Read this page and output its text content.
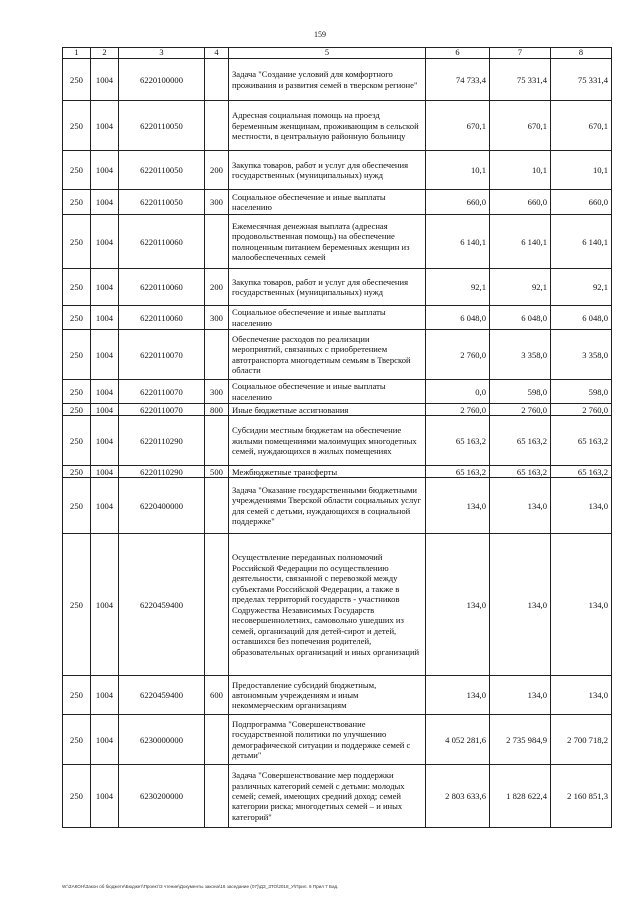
159
1	2	3	4	5	6	7	8
250	1004	6220100000		Задача "Создание условий для комфортного проживания и развития семей в тверском регионе"	74 733,4	75 331,4	75 331,4
250	1004	6220110050		Адресная социальная помощь на проезд беременным женщинам, проживающим в сельской местности, в центральную районную больницу	670,1	670,1	670,1
250	1004	6220110050	200	Закупка товаров, работ и услуг для обеспечения государственных (муниципальных) нужд	10,1	10,1	10,1
250	1004	6220110050	300	Социальное обеспечение и иные выплаты населению	660,0	660,0	660,0
250	1004	6220110060		Ежемесячная денежная выплата (адресная продовольственная помощь) на обеспечение полноценным питанием беременных женщин из малообеспеченных семей	6 140,1	6 140,1	6 140,1
250	1004	6220110060	200	Закупка товаров, работ и услуг для обеспечения государственных (муниципальных) нужд	92,1	92,1	92,1
250	1004	6220110060	300	Социальное обеспечение и иные выплаты населению	6 048,0	6 048,0	6 048,0
250	1004	6220110070		Обеспечение расходов по реализации мероприятий, связанных с приобретением автотранспорта многодетным семьям в Тверской области	2 760,0	3 358,0	3 358,0
250	1004	6220110070	300	Социальное обеспечение и иные выплаты населению	0,0	598,0	598,0
250	1004	6220110070	800	Иные бюджетные ассигнования	2 760,0	2 760,0	2 760,0
250	1004	6220110290		Субсидии местным бюджетам на обеспечение жилыми помещениями малоимущих многодетных семей, нуждающихся в жилых помещениях	65 163,2	65 163,2	65 163,2
250	1004	6220110290	500	Межбюджетные трансферты	65 163,2	65 163,2	65 163,2
250	1004	6220400000		Задача "Оказание государственными бюджетными учреждениями Тверской области социальных услуг для семей с детьми, нуждающихся в социальной поддержке"	134,0	134,0	134,0
250	1004	6220459400		Осуществление переданных полномочий Российской Федерации по осуществлению деятельности, связанной с перевозкой между субъектами Российской Федерации, а также в пределах территорий государств - участников Содружества Независимых Государств несовершеннолетних, самовольно ушедших из семей, организаций для детей-сирот и детей, оставшихся без попечения родителей, образовательных организаций и иных организаций	134,0	134,0	134,0
250	1004	6220459400	600	Предоставление субсидий бюджетным, автономным учреждениям и иным некоммерческим организациям	134,0	134,0	134,0
250	1004	6230000000		Подпрограмма "Совершенствование государственной политики по улучшению демографической ситуации и поддержке семей с детьми"	4 052 281,6	2 735 984,9	2 700 718,2
250	1004	6230200000		Задача "Совершенствование мер поддержки различных категорий семей с детьми: молодых семей; семей, имеющих средний доход; семей категории риска; многодетных семей – и иных категорий"	2 803 633,6	1 828 622,4	2 160 851,3
W:\ЗАКОН\Закон об бюджете\Бюджет\Проект\3 чтение\Документы закона\16 заседание (07)\ДЗ_ЗТО\2018_У\Прил. 6 Прил 7 Бад.
